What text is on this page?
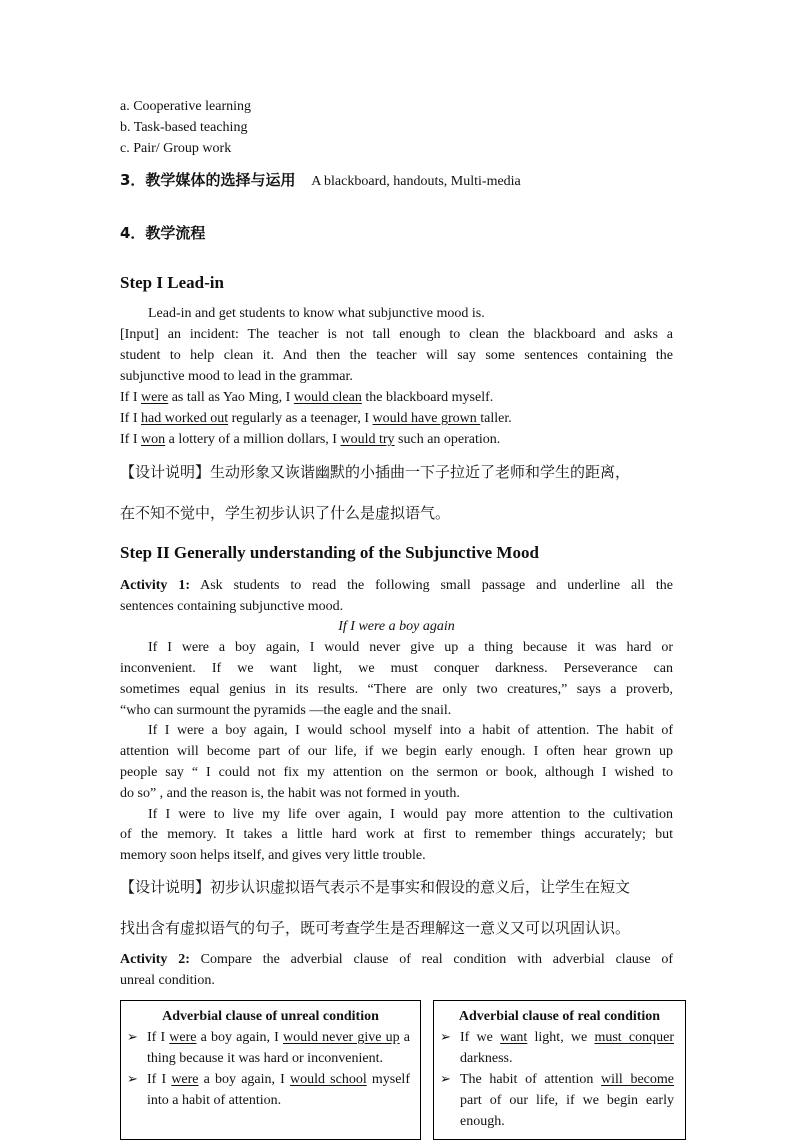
a. Cooperative learning
b. Task-based teaching
c. Pair/ Group work
3．教学媒体的选择与运用 A blackboard, handouts, Multi-media
4．教学流程
Step I Lead-in
Lead-in and get students to know what subjunctive mood is.
[Input] an incident: The teacher is not tall enough to clean the blackboard and asks a
student to help clean it. And then the teacher will say some sentences containing the
subjunctive mood to lead in the grammar.
If I were as tall as Yao Ming, I would clean the blackboard myself.
If I had worked out regularly as a teenager, I would have grown taller.
If I won a lottery of a million dollars, I would try such an operation.
【设计说明】生动形象又诙谐幽默的小插曲一下子拉近了老师和学生的距离，
在不知不觉中，学生初步认识了什么是虚拟语气。
Step II Generally understanding of the Subjunctive Mood
Activity 1: Ask students to read the following small passage and underline all the
sentences containing subjunctive mood.
If I were a boy again
If I were a boy again, I would never give up a thing because it was hard or
inconvenient. If we want light, we must conquer darkness. Perseverance can
sometimes equal genius in its results. “There are only two creatures,” says a proverb,
“who can surmount the pyramids —the eagle and the snail.
If I were a boy again, I would school myself into a habit of attention. The habit of
attention will become part of our life, if we begin early enough. I often hear grown up
people say “ I could not fix my attention on the sermon or book, although I wished to
do so” , and the reason is, the habit was not formed in youth.
If I were to live my life over again, I would pay more attention to the cultivation
of the memory. It takes a little hard work at first to remember things accurately; but
memory soon helps itself, and gives very little trouble.
【设计说明】初步认识虚拟语气表示不是事实和假设的意义后，让学生在短文
找出含有虚拟语气的句子，既可考查学生是否理解这一意义又可以巩固认识。
Activity 2: Compare the adverbial clause of real condition with adverbial clause of
unreal condition.
Adverbial clause of unreal condition
➢ If I were a boy again, I would never give up a thing because it was hard or inconvenient.
➢ If I were a boy again, I would school myself into a habit of attention.
Adverbial clause of real condition
➢ If we want light, we must conquer darkness.
➢ The habit of attention will become part of our life, if we begin early enough.
